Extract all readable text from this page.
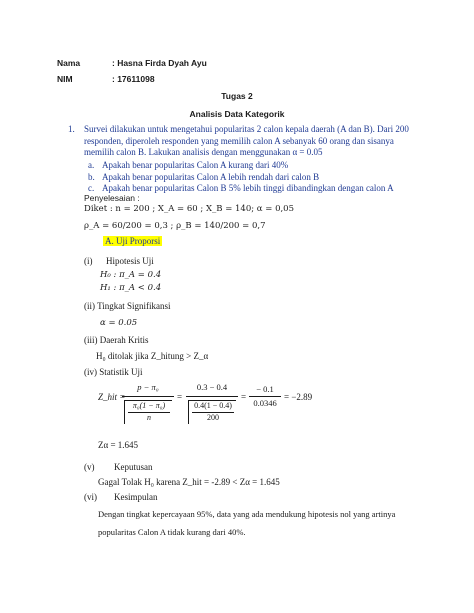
Nama	: Hasna Firda Dyah Ayu
NIM	: 17611098
Tugas 2
Analisis Data Kategorik
1. Survei dilakukan untuk mengetahui popularitas 2 calon kepala daerah (A dan B). Dari 200 responden, diperoleh responden yang memilih calon A sebanyak 60 orang dan sisanya memilih calon B. Lakukan analisis dengan menggunakan α = 0.05
a. Apakah benar popularitas Calon A kurang dari 40%
b. Apakah benar popularitas Calon A lebih rendah dari calon B
c. Apakah benar popularitas Calon B 5% lebih tinggi dibandingkan dengan calon A
Penyelesaian :
Diket : n = 200 ; X_A = 60 ; X_B = 140; α = 0,05
ρ_A = 60/200 = 0,3 ; ρ_B = 140/200 = 0,7
A. Uji Proporsi
(i) Hipotesis Uji
H₀ : π_A = 0.4
H₁ : π_A < 0.4
(ii) Tingkat Signifikansi
α = 0.05
(iii) Daerah Kritis
H₀ ditolak jika Z_hitung > Z_α
(iv) Statistik Uji
Z_hit =
p − π₀
π₀(1 − π₀)
n
=
0.3 − 0.4
0.4(1 − 0.4)
200
=
− 0.1
0.0346
= −2.89
Zα = 1.645
(v) Keputusan
Gagal Tolak H₀ karena Z_hit = -2.89 < Zα = 1.645
(vi) Kesimpulan
Dengan tingkat kepercayaan 95%, data yang ada mendukung hipotesis nol yang artinya
popularitas Calon A tidak kurang dari 40%.
